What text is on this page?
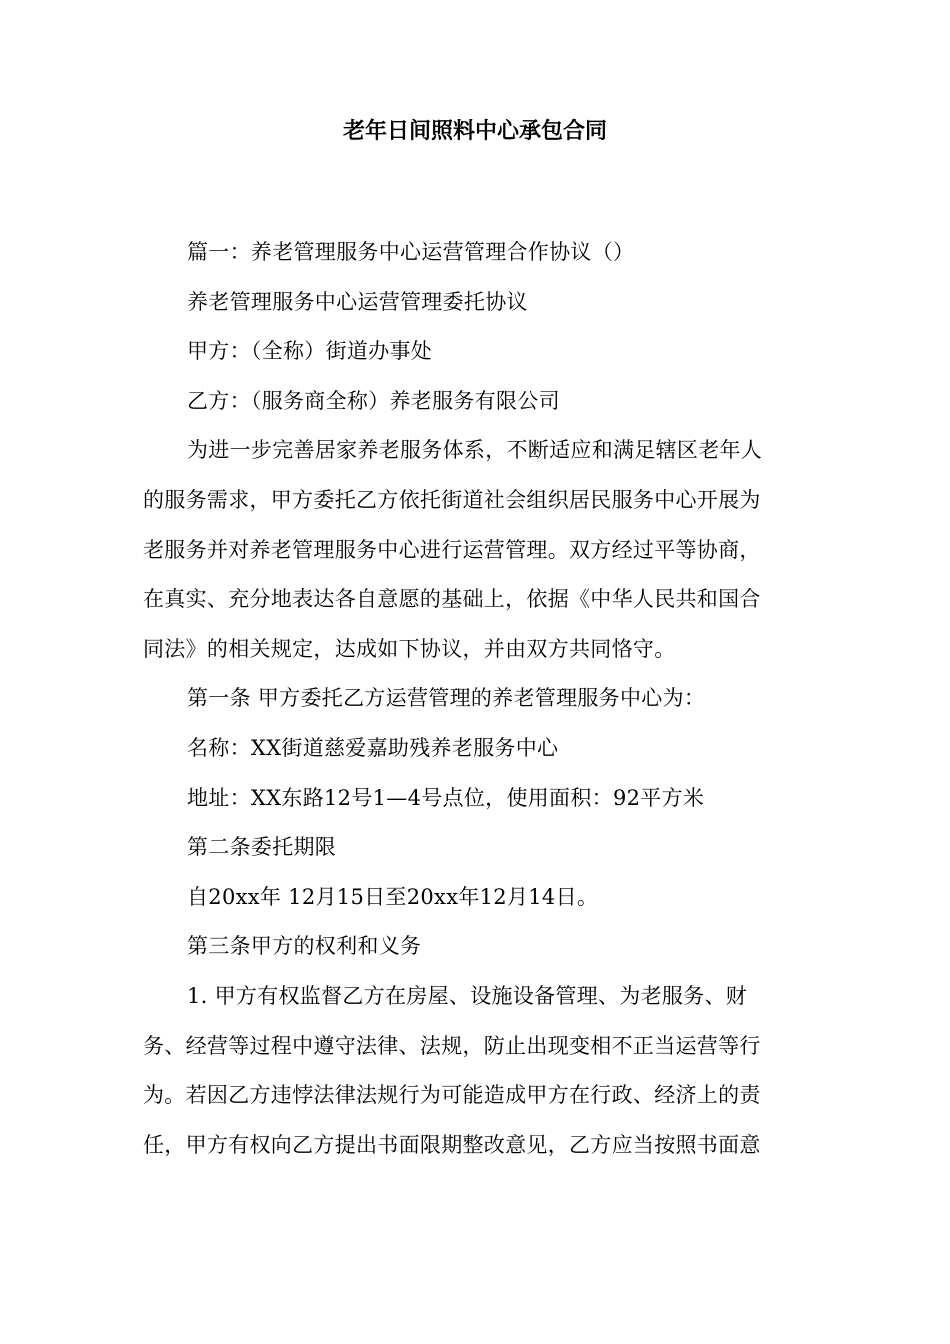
老年日间照料中心承包合同
篇一：养老管理服务中心运营管理合作协议（）
养老管理服务中心运营管理委托协议
甲方：（全称）街道办事处
乙方：（服务商全称）养老服务有限公司
为进一步完善居家养老服务体系，不断适应和满足辖区老年人
的服务需求，甲方委托乙方依托街道社会组织居民服务中心开展为
老服务并对养老管理服务中心进行运营管理。双方经过平等协商，
在真实、充分地表达各自意愿的基础上，依据《中华人民共和国合
同法》的相关规定，达成如下协议，并由双方共同恪守。
第一条 甲方委托乙方运营管理的养老管理服务中心为：
名称：XX街道慈爱嘉助残养老服务中心
地址：XX东路12号1—4号点位，使用面积：92平方米
第二条委托期限
自20xx年 12月15日至20xx年12月14日。
第三条甲方的权利和义务
1. 甲方有权监督乙方在房屋、设施设备管理、为老服务、财
务、经营等过程中遵守法律、法规，防止出现变相不正当运营等行
为。若因乙方违悖法律法规行为可能造成甲方在行政、经济上的责
任，甲方有权向乙方提出书面限期整改意见，乙方应当按照书面意
